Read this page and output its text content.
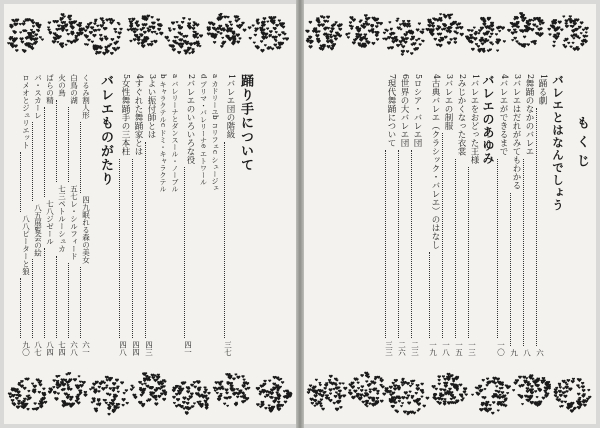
踊り手について
1
バレエ団の階級
三七
a カドリーユ
b コリフェ
c シュージェ
d プリマ・バレリーナ
e エトワール
2
バレエのいろいろな役
四一
a バレリーナとダンスール・ノーブル
b キャラクテル
c ドミ・キャラクテル
3
よい振付師とは
四三
4
すぐれた舞踊家とは
四四
5
女性舞踊手の三本柱
四八
バレエものがたり
くるみ割人形
四九
眠れる森の美女
六一
白鳥の湖
五七
レ・シルフィード
六八
火の鳥
七三
ペトルーシュカ
七四
ばらの精
七八
ジゼール
八四
パ・スカーレ
八五
展覧会の絵
八七
ロメオとジュリエット
八八
ピーターと狼
九〇
もくじ
バレエとはなんでしょう
1
踊る劇
六
2
舞踊のなかのバレエ
八
3
バレエはだれがみてもわかる
九
4
バレエができるまで
一〇
バレエのあゆみ
1
バレエをおどった王様
一三
2
みじかくなった衣裳
一五
3
バレエの制服
一八
4
古典バレエ（クラシック・バレエ）のはなし
一九
5
ロシア・バレエ団
二三
6
世界の大バレエ団
二六
7
現代舞踊について
三三
